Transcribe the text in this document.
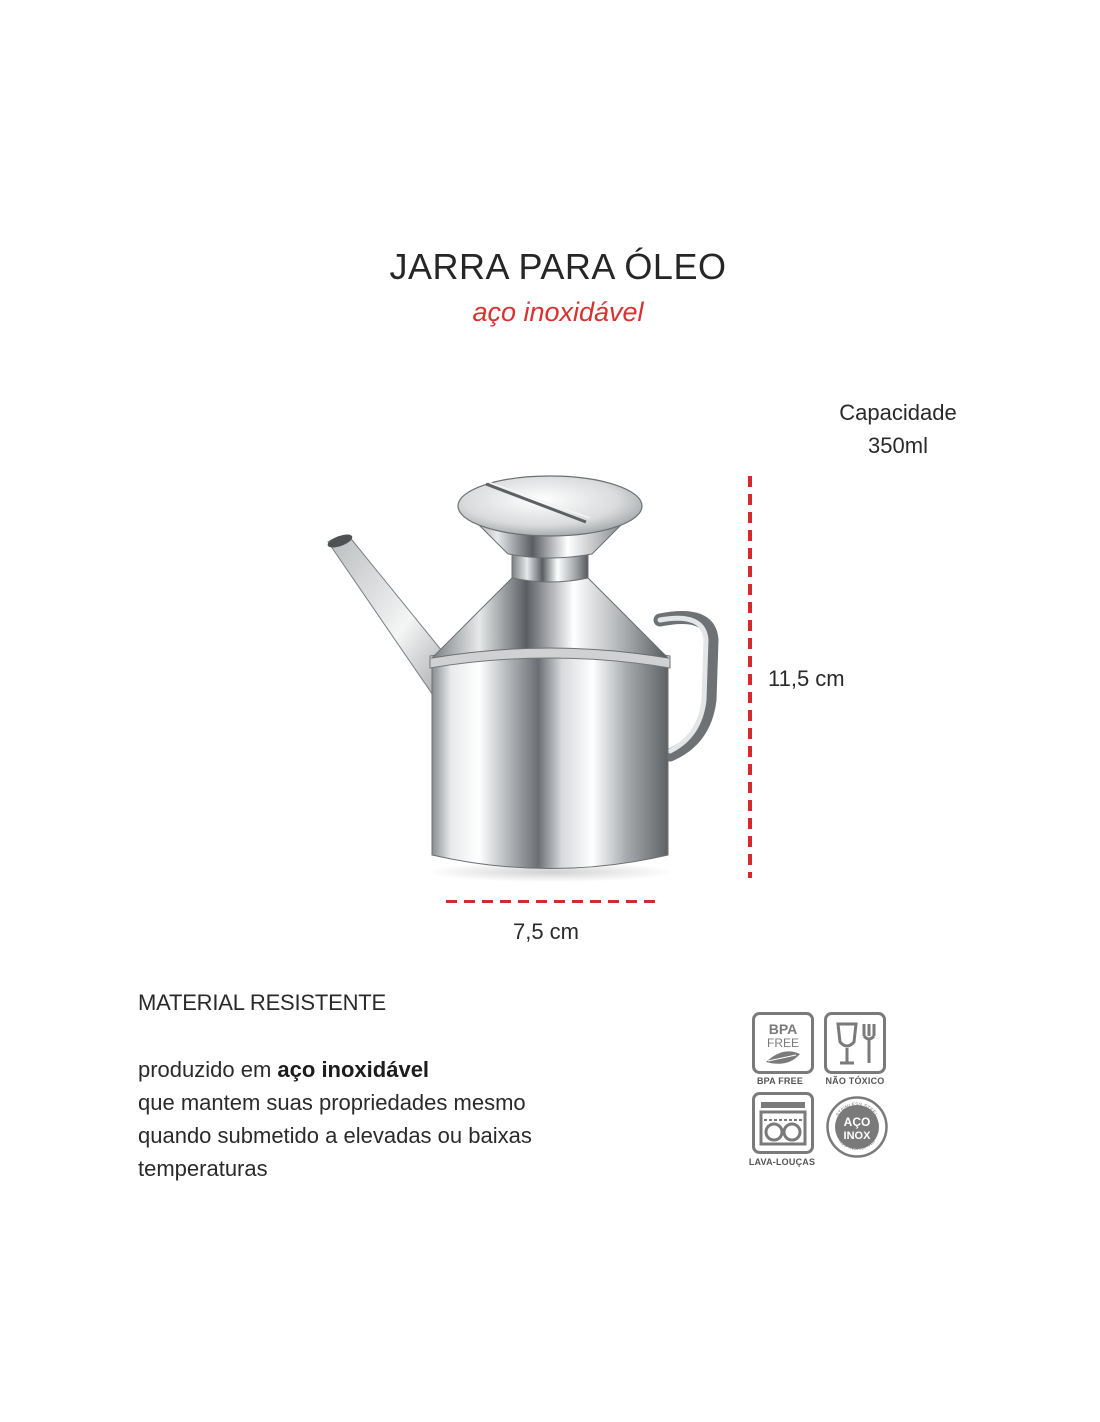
JARRA PARA ÓLEO
aço inoxidável
Capacidade
350ml
11,5 cm
7,5 cm
MATERIAL RESISTENTE
produzido em aço inoxidável
que mantem suas propriedades mesmo
quando submetido a elevadas ou baixas
temperaturas
BPA
FREE
BPA FREE	NÃO TÓXICO
LAVA-LOUÇAS
STAINLESS STEEL
AÇO INOXIDÁVEL
AÇO
INOX
